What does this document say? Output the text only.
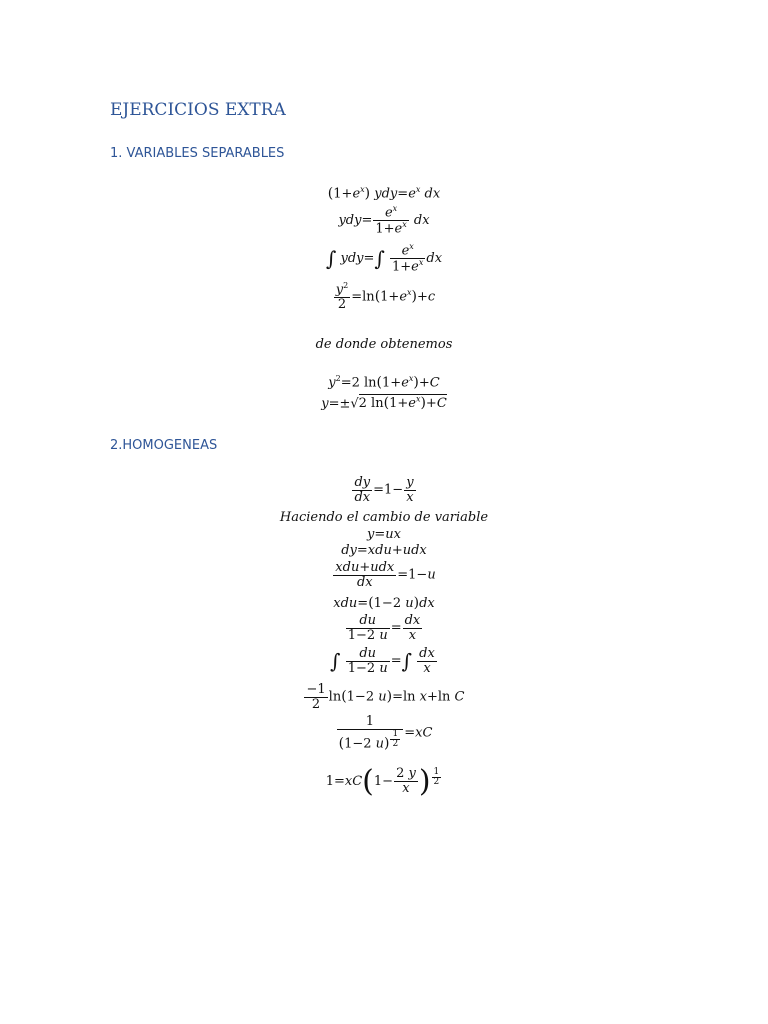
EJERCICIOS EXTRA
1. VARIABLES SEPARABLES
$(1+e^x)$ $ydy=e^x$ dx
$ydy= \frac{e^x}{1+e^x}$ dx
∫ $ydy=\int \frac{e^x}{1+e^x}$ dx
$\frac{y^2}{2} =\ln(1+e^x)+c$
de donde obtenemos
$y^2=2$ $\ln(1+e^x)+C$
y=±√2 $\ln(1+e^x)+C$
2.HOMOGENEAS
$\frac{dy}{dx} =1- \frac{y}{x}$
Haciendo el cambio de variable
y=ux
dy=xdu+udx
$\frac{\text{xdu+udx}}{dx} =1-u$
xdu=(1−2 u)dx
$\frac{du}{1-2 u} = \frac{dx}{x}$
∫ $\frac{du}{1-2 u}$ =∫ $\frac{dx}{x}$
$\frac{-1}{2} \ln(1-2$ u)=ln x+ln C
1
(1−2 u) $^{\frac{1}{2}}$ =xC
$1=xC(1- \frac{2 y}{x}$ ) $^{\frac{1}{2}}$
